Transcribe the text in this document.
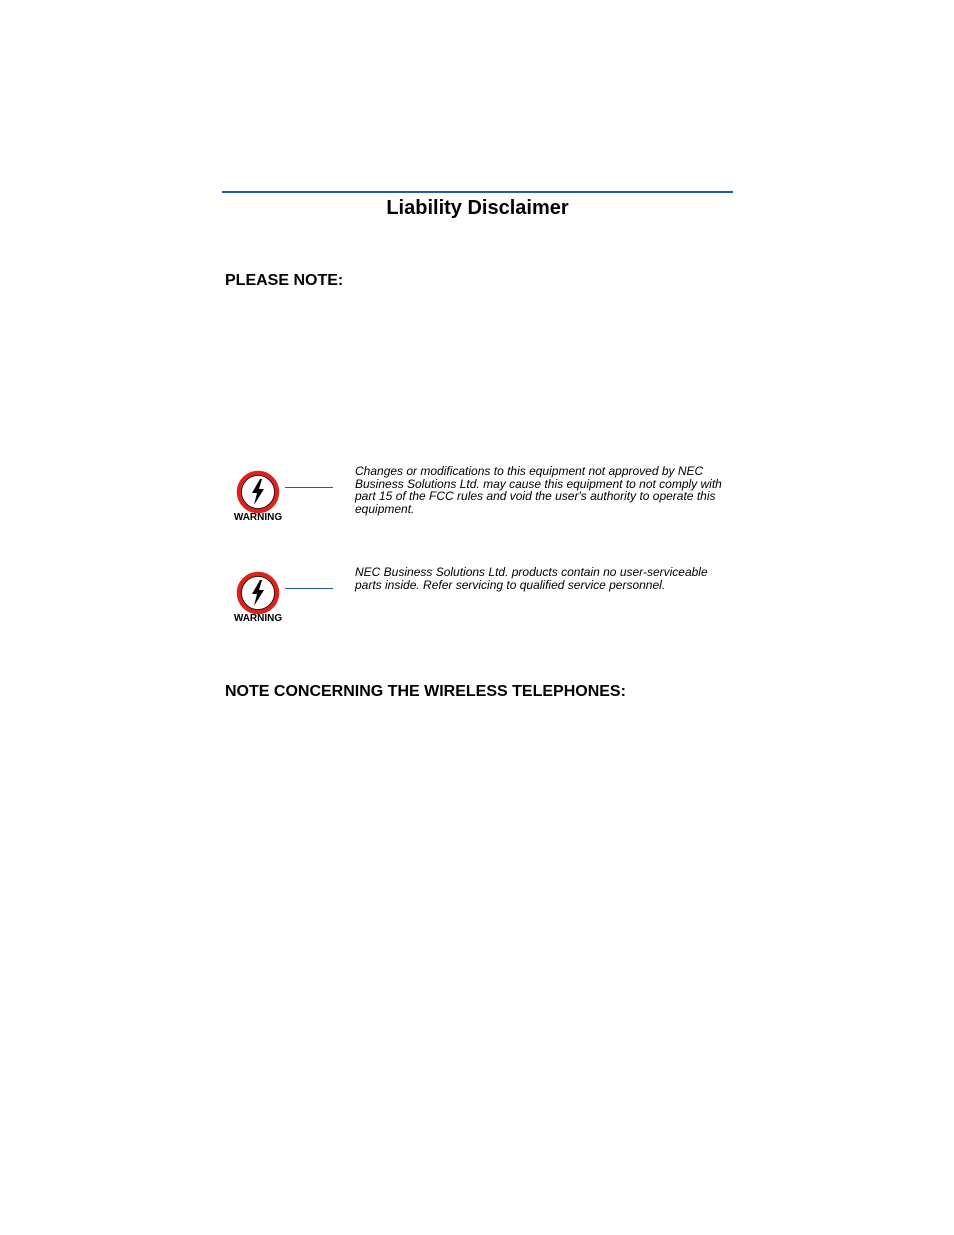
Liability Disclaimer
PLEASE NOTE:
WARNING
Changes or modifications to this equipment not approved by NEC Business Solutions Ltd. may cause this equipment to not comply with part 15 of the FCC rules and void the user's authority to operate this equipment.
WARNING
NEC Business Solutions Ltd. products contain no user-serviceable parts inside. Refer servicing to qualified service personnel.
NOTE CONCERNING THE WIRELESS TELEPHONES:
